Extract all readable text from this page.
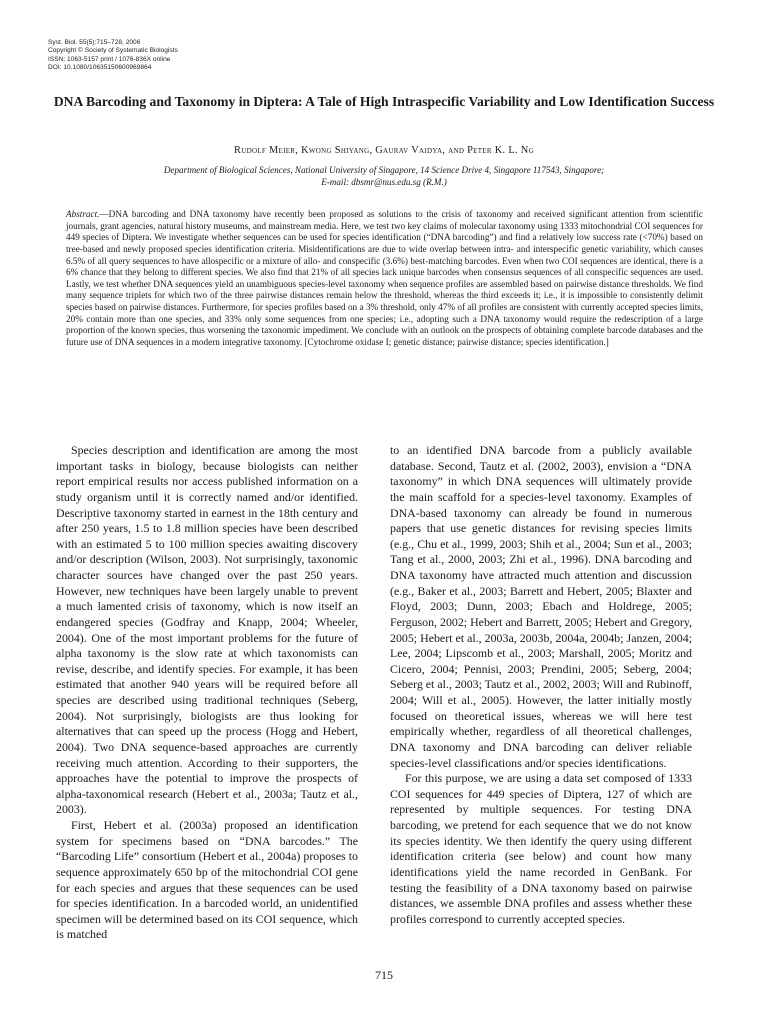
Syst. Biol. 55(5):715–728, 2006
Copyright © Society of Systematic Biologists
ISSN: 1063-5157 print / 1076-836X online
DOI: 10.1080/10635150600969864
DNA Barcoding and Taxonomy in Diptera: A Tale of High Intraspecific Variability and Low Identification Success

Rudolf Meier, Kwong Shiyang, Gaurav Vaidya, and Peter K. L. Ng

Department of Biological Sciences, National University of Singapore, 14 Science Drive 4, Singapore 117543, Singapore;
E-mail: dbsmr@nus.edu.sg (R.M.)

Abstract.—DNA barcoding and DNA taxonomy have recently been proposed as solutions to the crisis of taxonomy and received significant attention from scientific journals, grant agencies, natural history museums, and mainstream media. Here, we test two key claims of molecular taxonomy using 1333 mitochondrial COI sequences for 449 species of Diptera. We investigate whether sequences can be used for species identification (“DNA barcoding”) and find a relatively low success rate (<70%) based on tree-based and newly proposed species identification criteria. Misidentifications are due to wide overlap between intra- and interspecific genetic variability, which causes 6.5% of all query sequences to have allospecific or a mixture of allo- and conspecific (3.6%) best-matching barcodes. Even when two COI sequences are identical, there is a 6% chance that they belong to different species. We also find that 21% of all species lack unique barcodes when consensus sequences of all conspecific sequences are used. Lastly, we test whether DNA sequences yield an unambiguous species-level taxonomy when sequence profiles are assembled based on pairwise distance thresholds. We find many sequence triplets for which two of the three pairwise distances remain below the threshold, whereas the third exceeds it; i.e., it is impossible to consistently delimit species based on pairwise distances. Furthermore, for species profiles based on a 3% threshold, only 47% of all profiles are consistent with currently accepted species limits, 20% contain more than one species, and 33% only some sequences from one species; i.e., adopting such a DNA taxonomy would require the redescription of a large proportion of the known species, thus worsening the taxonomic impediment. We conclude with an outlook on the prospects of obtaining complete barcode databases and the future use of DNA sequences in a modern integrative taxonomy. [Cytochrome oxidase I; genetic distance; pairwise distance; species identification.]

Species description and identification are among the most important tasks in biology, because biologists can neither report empirical results nor access published information on a study organism until it is correctly named and/or identified. Descriptive taxonomy started in earnest in the 18th century and after 250 years, 1.5 to 1.8 million species have been described with an estimated 5 to 100 million species awaiting discovery and/or description (Wilson, 2003). Not surprisingly, taxonomic character sources have changed over the past 250 years. However, new techniques have been largely unable to prevent a much lamented crisis of taxonomy, which is now itself an endangered species (Godfray and Knapp, 2004; Wheeler, 2004). One of the most important problems for the future of alpha taxonomy is the slow rate at which taxonomists can revise, describe, and identify species. For example, it has been estimated that another 940 years will be required before all species are described using traditional techniques (Seberg, 2004). Not surprisingly, biologists are thus looking for alternatives that can speed up the process (Hogg and Hebert, 2004). Two DNA sequence-based approaches are currently receiving much attention. According to their supporters, the approaches have the potential to improve the prospects of alpha-taxonomical research (Hebert et al., 2003a; Tautz et al., 2003).

First, Hebert et al. (2003a) proposed an identification system for specimens based on “DNA barcodes.” The “Barcoding Life” consortium (Hebert et al., 2004a) proposes to sequence approximately 650 bp of the mitochondrial COI gene for each species and argues that these sequences can be used for species identification. In a barcoded world, an unidentified specimen will be determined based on its COI sequence, which is matched

to an identified DNA barcode from a publicly available database. Second, Tautz et al. (2002, 2003), envision a “DNA taxonomy” in which DNA sequences will ultimately provide the main scaffold for a species-level taxonomy. Examples of DNA-based taxonomy can already be found in numerous papers that use genetic distances for revising species limits (e.g., Chu et al., 1999, 2003; Shih et al., 2004; Sun et al., 2003; Tang et al., 2000, 2003; Zhi et al., 1996). DNA barcoding and DNA taxonomy have attracted much attention and discussion (e.g., Baker et al., 2003; Barrett and Hebert, 2005; Blaxter and Floyd, 2003; Dunn, 2003; Ebach and Holdrege, 2005; Ferguson, 2002; Hebert and Barrett, 2005; Hebert and Gregory, 2005; Hebert et al., 2003a, 2003b, 2004a, 2004b; Janzen, 2004; Lee, 2004; Lipscomb et al., 2003; Marshall, 2005; Moritz and Cicero, 2004; Pennisi, 2003; Prendini, 2005; Seberg, 2004; Seberg et al., 2003; Tautz et al., 2002, 2003; Will and Rubinoff, 2004; Will et al., 2005). However, the latter initially mostly focused on theoretical issues, whereas we will here test empirically whether, regardless of all theoretical challenges, DNA taxonomy and DNA barcoding can deliver reliable species-level classifications and/or species identifications.

For this purpose, we are using a data set composed of 1333 COI sequences for 449 species of Diptera, 127 of which are represented by multiple sequences. For testing DNA barcoding, we pretend for each sequence that we do not know its species identity. We then identify the query using different identification criteria (see below) and count how many identifications yield the name recorded in GenBank. For testing the feasibility of a DNA taxonomy based on pairwise distances, we assemble DNA profiles and assess whether these profiles correspond to currently accepted species.

715
